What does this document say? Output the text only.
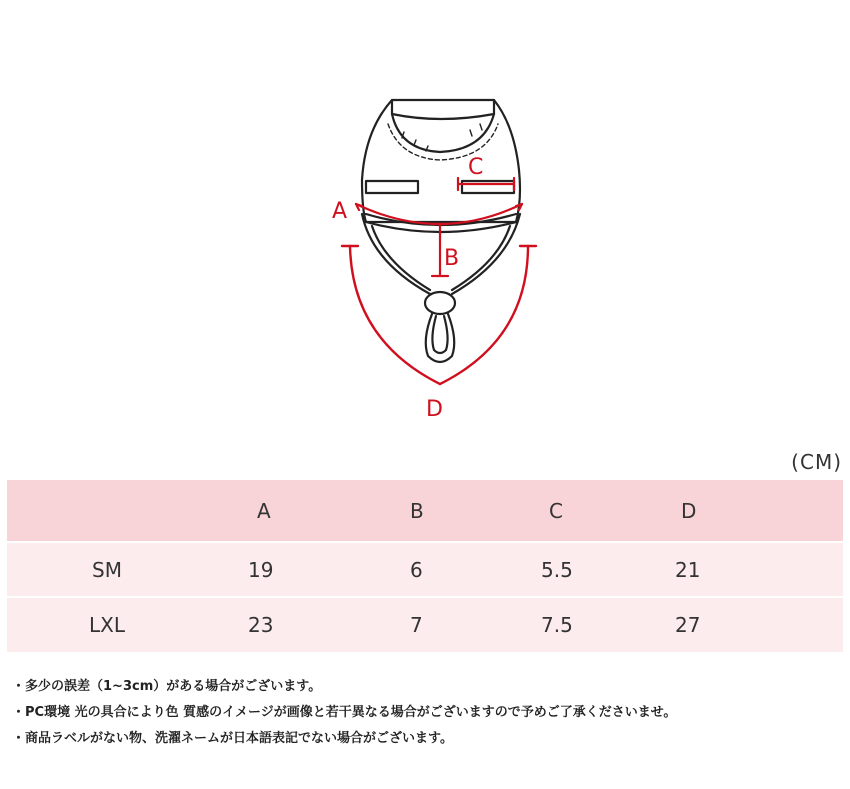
A
B
C
D
(CM)
	A	B	C	D
SM	19	6	5.5	21
LXL	23	7	7.5	27
・多少の誤差（1~3cm）がある場合がございます。
・PC環境 光の具合により色 質感のイメージが画像と若干異なる場合がございますので予めご了承くださいませ。
・商品ラベルがない物、洗濯ネームが日本語表記でない場合がございます。
